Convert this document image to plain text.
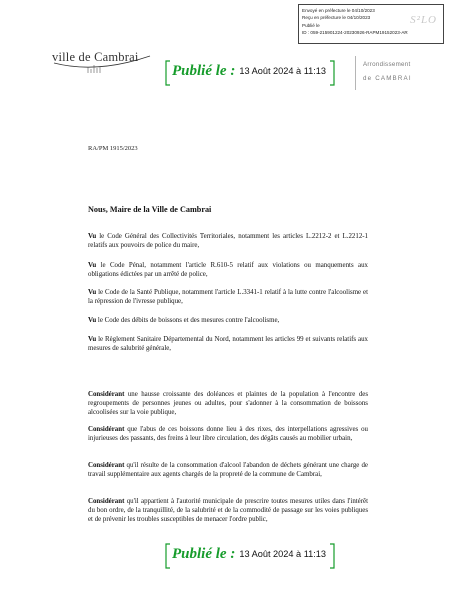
Envoyé en préfecture le 04/10/2023
Reçu en préfecture le 04/10/2023
Publié le
ID : 059-215901224-20230926-RAPM19152023-AR
S²LO
ville de Cambrai
Publié le : 13 Août 2024 à 11:13
Arrondissement
de CAMBRAI
RA/PM 1915/2023
Nous, Maire de la Ville de Cambrai
Vu le Code Général des Collectivités Territoriales, notamment les articles L.2212-2 et L.2212-1 relatifs aux pouvoirs de police du maire,
Vu le Code Pénal, notamment l'article R.610-5 relatif aux violations ou manquements aux obligations édictées par un arrêté de police,
Vu le Code de la Santé Publique, notamment l'article L.3341-1 relatif à la lutte contre l'alcoolisme et la répression de l'ivresse publique,
Vu le Code des débits de boissons et des mesures contre l'alcoolisme,
Vu le Règlement Sanitaire Départemental du Nord, notamment les articles 99 et suivants relatifs aux mesures de salubrité générale,
Considérant une hausse croissante des doléances et plaintes de la population à l'encontre des regroupements de personnes jeunes ou adultes, pour s'adonner à la consommation de boissons alcoolisées sur la voie publique,
Considérant que l'abus de ces boissons donne lieu à des rixes, des interpellations agressives ou injurieuses des passants, des freins à leur libre circulation, des dégâts causés au mobilier urbain,
Considérant qu'il résulte de la consommation d'alcool l'abandon de déchets générant une charge de travail supplémentaire aux agents chargés de la propreté de la commune de Cambrai,
Considérant qu'il appartient à l'autorité municipale de prescrire toutes mesures utiles dans l'intérêt du bon ordre, de la tranquillité, de la salubrité et de la commodité de passage sur les voies publiques et de prévenir les troubles susceptibles de menacer l'ordre public,
Publié le : 13 Août 2024 à 11:13
